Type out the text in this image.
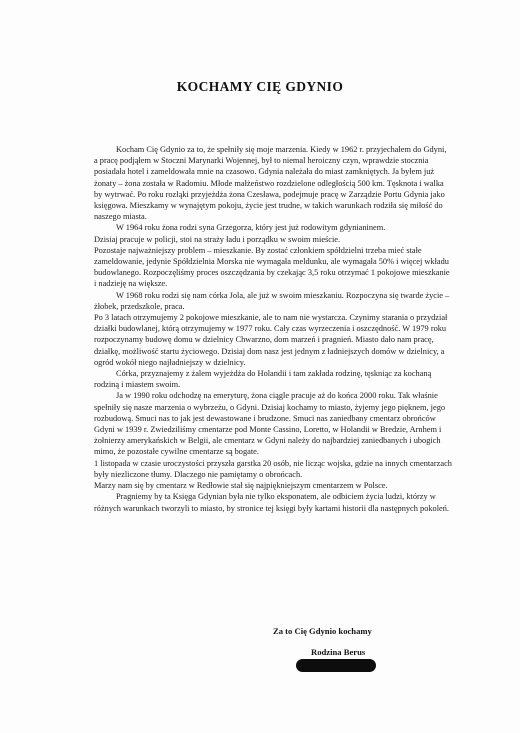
KOCHAMY CIĘ GDYNIO

Kocham Cię Gdynio za to, że spełniły się moje marzenia. Kiedy w 1962 r. przyjechałem do Gdyni, a pracę podjąłem w Stoczni Marynarki Wojennej, był to niemal heroiczny czyn, wprawdzie stocznia posiadała hotel i zameldowała mnie na czasowo. Gdynia należała do miast zamkniętych. Ja byłem już żonaty – żona została w Radomiu. Młode małżeństwo rozdzielone odległością 500 km. Tęsknota i walka by wytrwać. Po roku rozłąki przyjeżdża żona Czesława, podejmuje pracę w Zarządzie Portu Gdynia jako księgowa. Mieszkamy w wynajętym pokoju, życie jest trudne, w takich warunkach rodziła się miłość do naszego miasta.

W 1964 roku żona rodzi syna Grzegorza, który jest już rodowitym gdynianinem.

Dzisiaj pracuje w policji, stoi na straży ładu i porządku w swoim mieście.

Pozostaje najważniejszy problem – mieszkanie. By zostać członkiem spółdzielni trzeba mieć stałe zameldowanie, jedynie Spółdzielnia Morska nie wymagała meldunku, ale wymagała 50% i więcej wkładu budowlanego. Rozpoczęliśmy proces oszczędzania by czekając 3,5 roku otrzymać 1 pokojowe mieszkanie i nadzieję na większe.

W 1968 roku rodzi się nam córka Jola, ale już w swoim mieszkaniu. Rozpoczyna się twarde życie – żłobek, przedszkole, praca.

Po 3 latach otrzymujemy 2 pokojowe mieszkanie, ale to nam nie wystarcza. Czynimy starania o przydział działki budowlanej, którą otrzymujemy w 1977 roku. Cały czas wyrzeczenia i oszczędność. W 1979 roku rozpoczynamy budowę domu w dzielnicy Chwarzno, dom marzeń i pragnień. Miasto dało nam pracę, działkę, możliwość startu życiowego. Dzisiaj dom nasz jest jednym z ładniejszych domów w dzielnicy, a ogród wokół niego najładniejszy w dzielnicy.

Córka, przyznajemy z żalem wyjeżdża do Holandii i tam zakłada rodzinę, tęskniąc za kochaną rodziną i miastem swoim.

Ja w 1990 roku odchodzę na emeryturę, żona ciągle pracuje aż do końca 2000 roku. Tak właśnie spełniły się nasze marzenia o wybrzeżu, o Gdyni. Dzisiaj kochamy to miasto, żyjemy jego pięknem, jego rozbudową. Smuci nas to jak jest dewastowane i brudzone. Smuci nas zaniedbany cmentarz obrońców Gdyni w 1939 r. Zwiedziliśmy cmentarze pod Monte Cassino, Loretto, w Holandii w Bredzie, Arnhem i żołnierzy amerykańskich w Belgii, ale cmentarz w Gdyni należy do najbardziej zaniedbanych i ubogich mimo, że pozostałe cywilne cmentarze są bogate.

1 listopada w czasie uroczystości przyszła garstka 20 osób, nie licząc wojska, gdzie na innych cmentarzach były niezliczone tłumy. Dlaczego nie pamiętamy o obrońcach.

Marzy nam się by cmentarz w Redłowie stał się najpiękniejszym cmentarzem w Polsce.

Pragniemy by ta Księga Gdynian była nie tylko eksponatem, ale odbiciem życia ludzi, którzy w różnych warunkach tworzyli to miasto, by stronice tej księgi były kartami historii dla następnych pokoleń.

Za to Cię Gdynio kochamy
Rodzina Berus
